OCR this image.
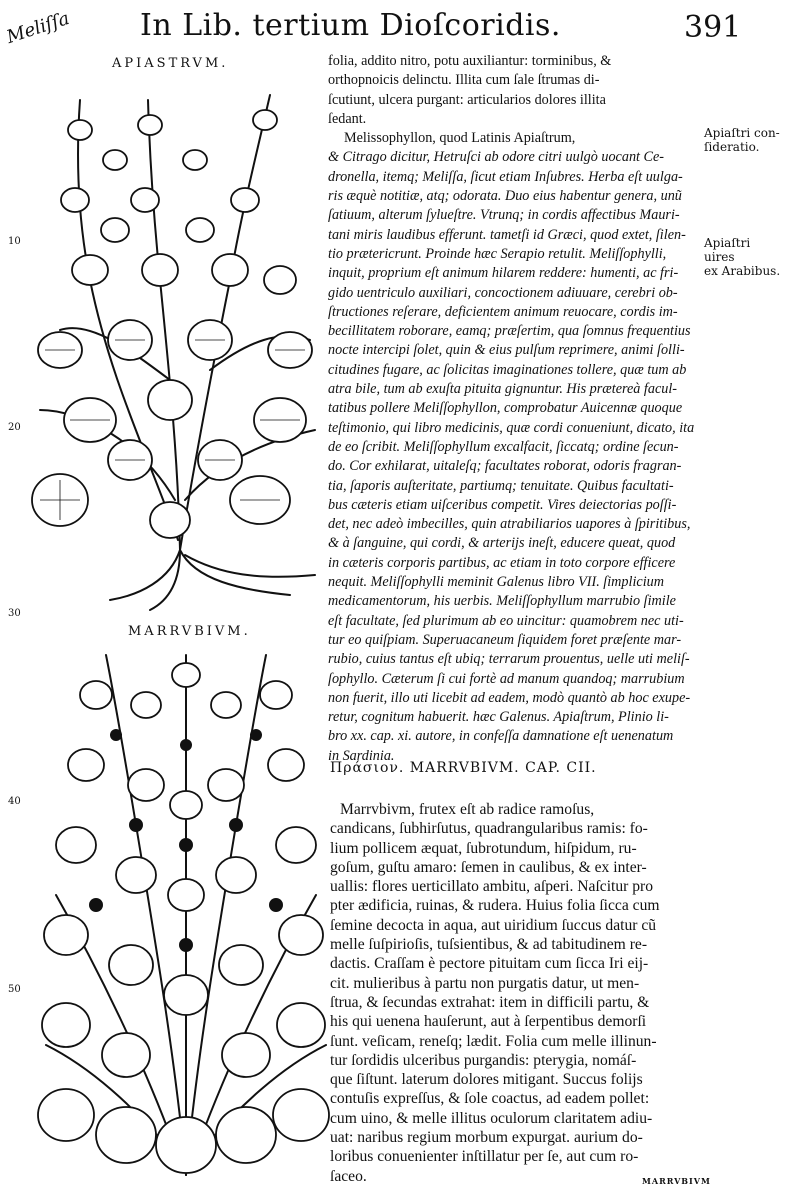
In Lib. tertium Dioſcoridis.	391
Meliſſa
APIASTRVM.
MARRVBIVM.
10
20
30
40
50
folia, addito nitro, potu auxiliantur: torminibus, &
orthopnoicis delinctu. Illita cum ſale ſtrumas di-
ſcutiunt, ulcera purgant: articularios dolores illita
ſedant.
Melissophyllon, quod Latinis Apiaſtrum,
& Citrago dicitur, Hetruſci ab odore citri uulgò uocant Ce-
dronella, itemq; Meliſſa, ſicut etiam Inſubres. Herba eſt uulga-
ris æquè notitiæ, atq; odorata. Duo eius habentur genera, unũ
ſatiuum, alterum ſylueſtre. Vtrunq; in cordis affectibus Mauri-
tani miris laudibus efferunt. tametſi id Græci, quod extet, ſilen-
tio prætericrunt. Proinde hæc Serapio retulit. Meliſſophylli,
inquit, proprium eſt animum hilarem reddere: humenti, ac fri-
gido uentriculo auxiliari, concoctionem adiuuare, cerebri ob-
ſtructiones reſerare, deficientem animum reuocare, cordis im-
becillitatem roborare, eamq; præſertim, qua ſomnus frequentius
nocte intercipi ſolet, quin & eius pulſum reprimere, animi ſolli-
citudines fugare, ac ſolicitas imaginationes tollere, quæ tum ab
atra bile, tum ab exuſta pituita gignuntur. His prætereà facul-
tatibus pollere Meliſſophyllon, comprobatur Auicennæ quoque
teſtimonio, qui libro medicinis, quæ cordi conueniunt, dicato, ita
de eo ſcribit. Meliſſophyllum excalfacit, ſiccatq; ordine ſecun-
do. Cor exhilarat, uitaleſq; facultates roborat, odoris fragran-
tia, ſaporis auſteritate, partiumq; tenuitate. Quibus facultati-
bus cæteris etiam uiſceribus competit. Vires deiectorias poſſi-
det, nec adeò imbecilles, quin atrabiliarios uapores à ſpiritibus,
& à ſanguine, qui cordi, & arterijs ineſt, educere queat, quod
in cæteris corporis partibus, ac etiam in toto corpore efficere
nequit. Meliſſophylli meminit Galenus libro VII. ſimplicium
medicamentorum, his uerbis. Meliſſophyllum marrubio ſimile
eſt facultate, ſed plurimum ab eo uincitur: quamobrem nec uti-
tur eo quiſpiam. Superuacaneum ſiquidem foret præſente mar-
rubio, cuius tantus eſt ubiq; terrarum prouentus, uelle uti meliſ-
ſophyllo. Cæterum ſi cui fortè ad manum quandoq; marrubium
non fuerit, illo uti licebit ad eadem, modò quantò ab hoc exupe-
retur, cognitum habuerit. hæc Galenus. Apiaſtrum, Plinio li-
bro xx. cap. xi. autore, in confeſſa damnatione eſt uenenatum
in Sardinia.
Apiaſtri con-
ſideratio.
Apiaſtri uires
ex Arabibus.
Πράσιον. MARRVBIVM. CAP. CII.
Marrvbivm, frutex eſt ab radice ramoſus,
candicans, ſubhirſutus, quadrangularibus ramis: fo-
lium pollicem æquat, ſubrotundum, hiſpidum, ru-
goſum, guſtu amaro: ſemen in caulibus, & ex inter-
uallis: flores uerticillato ambitu, aſperi. Naſcitur pro
pter ædificia, ruinas, & rudera. Huius folia ſicca cum
ſemine decocta in aqua, aut uiridium ſuccus datur cũ
melle ſuſpirioſis, tuſsientibus, & ad tabitudinem re-
dactis. Craſſam è pectore pituitam cum ſicca Iri eij-
cit. mulieribus à partu non purgatis datur, ut men-
ſtrua, & ſecundas extrahat: item in difficili partu, &
his qui uenena hauſerunt, aut à ſerpentibus demorſi
ſunt. veſicam, reneſq; lædit. Folia cum melle illinun-
tur ſordidis ulceribus purgandis: pterygia, nomáſ-
que ſiſtunt. laterum dolores mitigant. Succus folijs
contuſis expreſſus, & ſole coactus, ad eadem pollet:
cum uino, & melle illitus oculorum claritatem adiu-
uat: naribus regium morbum expurgat. aurium do-
loribus conuenienter inſtillatur per ſe, aut cum ro-
ſaceo.	MARRVBIVM
